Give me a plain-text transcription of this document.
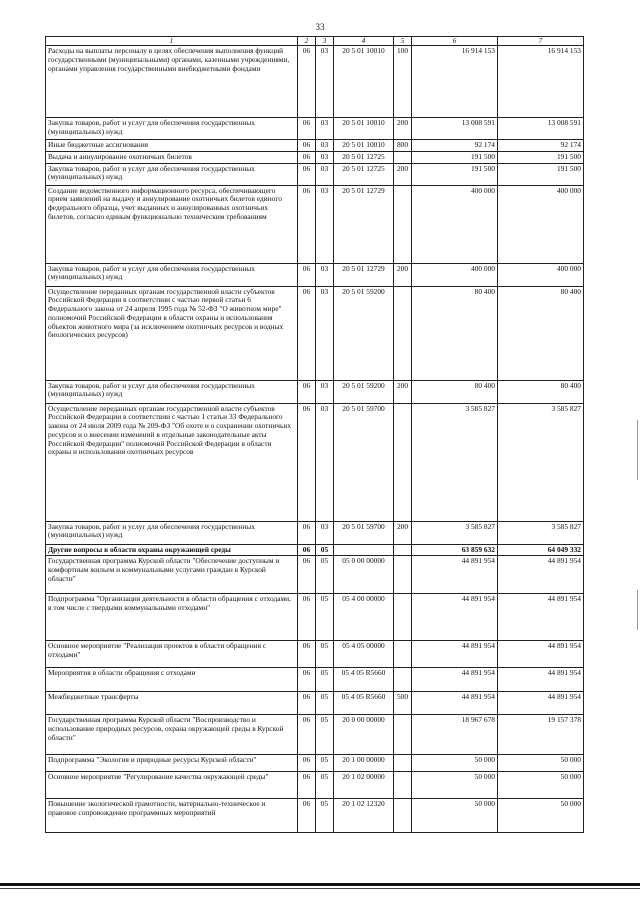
33
1	2	3	4	5	6	7
Расходы на выплаты персоналу в целях обеспечения выполнения функций государственными (муниципальными) органами, казенными учреждениями, органами управления государственными внебюджетными фондами	06	03	20 5 01 10010	100	16 914 153	16 914 153
Закупка товаров, работ и услуг для обеспечения государственных (муниципальных) нужд	06	03	20 5 01 10010	200	13 008 591	13 008 591
Иные бюджетные ассигнования	06	03	20 5 01 10010	800	92 174	92 174
Выдача и аннулирование охотничьих билетов	06	03	20 5 01 12725		191 500	191 500
Закупка товаров, работ и услуг для обеспечения государственных (муниципальных) нужд	06	03	20 5 01 12725	200	191 500	191 500
Создание ведомственного информационного ресурса, обеспечивающего прием заявлений на выдачу и аннулирование охотничьих билетов единого федерального образца, учет выданных и аннулированных охотничьих билетов, согласно единым функционально техническим требованиям	06	03	20 5 01 12729		400 000	400 000
Закупка товаров, работ и услуг для обеспечения государственных (муниципальных) нужд	06	03	20 5 01 12729	200	400 000	400 000
Осуществление переданных органам государственной власти субъектов Российской Федерации в соответствии с частью первой статьи 6 Федерального закона от 24 апреля 1995 года № 52-ФЗ "О животном мире" полномочий Российской Федерации в области охраны и использования объектов животного мира (за исключением охотничьих ресурсов и водных биологических ресурсов)	06	03	20 5 01 59200		80 400	80 400
Закупка товаров, работ и услуг для обеспечения государственных (муниципальных) нужд	06	03	20 5 01 59200	200	80 400	80 400
Осуществление переданных органам государственной власти субъектов Российской Федерации в соответствии с частью 1 статьи 33 Федерального закона от 24 июля 2009 года № 209-ФЗ "Об охоте и о сохранении охотничьих ресурсов и о внесении изменений в отдельные законодательные акты Российской Федерации" полномочий Российской Федерации в области охраны и использования охотничьих ресурсов	06	03	20 5 01 59700		3 585 827	3 585 827
Закупка товаров, работ и услуг для обеспечения государственных (муниципальных) нужд	06	03	20 5 01 59700	200	3 585 827	3 585 827
Другие вопросы в области охраны окружающей среды	06	05			63 859 632	64 049 332
Государственная программа Курской области "Обеспечение доступным и комфортным жильем и коммунальными услугами граждан в Курской области"	06	05	05 0 00 00000		44 891 954	44 891 954
Подпрограмма "Организация деятельности в области обращения с отходами, в том числе с твердыми коммунальными отходами"	06	05	05 4 00 00000		44 891 954	44 891 954
Основное мероприятие "Реализация проектов в области обращения с отходами"	06	05	05 4 05 00000		44 891 954	44 891 954
Мероприятия в области обращения с отходами	06	05	05 4 05 R5660		44 891 954	44 891 954
Межбюджетные трансферты	06	05	05 4 05 R5660	500	44 891 954	44 891 954
Государственная программа Курской области "Воспроизводство и использование природных ресурсов, охрана окружающей среды в Курской области"	06	05	20 0 00 00000		18 967 678	19 157 378
Подпрограмма "Экология и природные ресурсы Курской области"	06	05	20 1 00 00000		50 000	50 000
Основное мероприятие "Регулирование качества окружающей среды"	06	05	20 1 02 00000		50 000	50 000
Повышение экологической грамотности, материально-техническое и правовое сопровождение программных мероприятий	06	05	20 1 02 12320		50 000	50 000
